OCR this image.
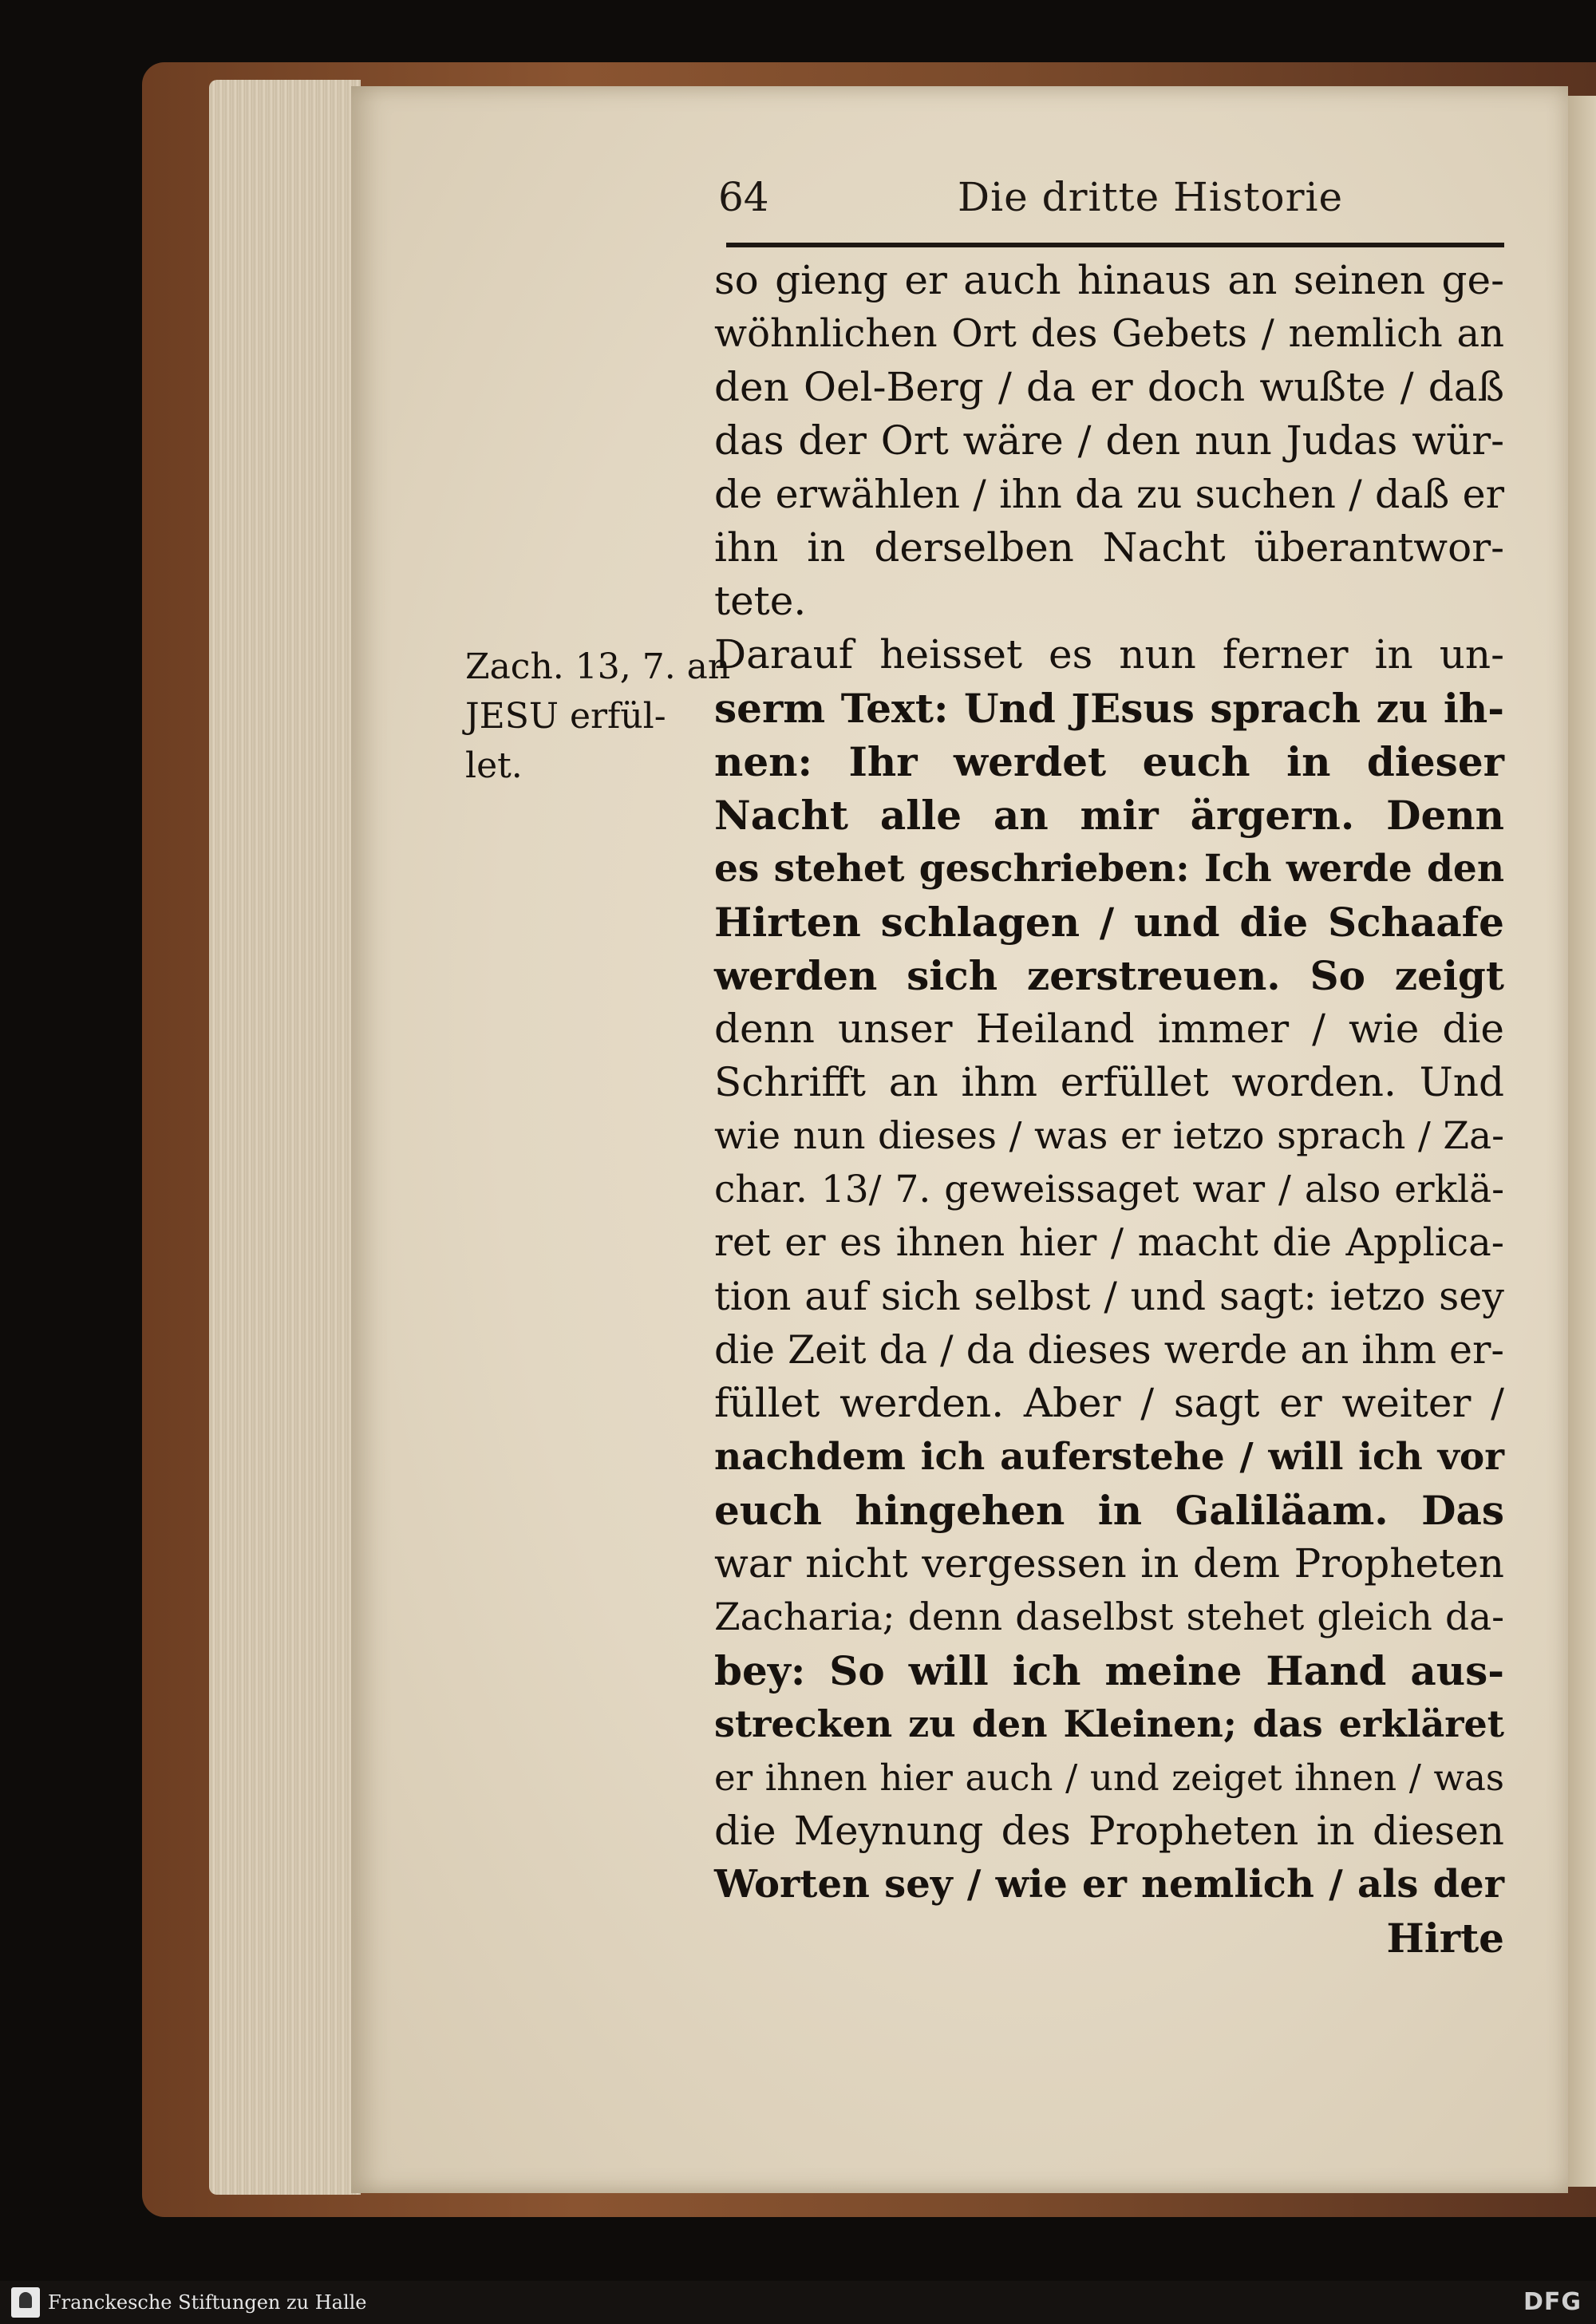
64	Die dritte Historie
Zach. 13, 7. an
JESU erfül-
let.
so gieng er auch hinaus an seinen ge-
wöhnlichen Ort des Gebets / nemlich an
den Oel-Berg / da er doch wußte / daß
das der Ort wäre / den nun Judas wür-
de erwählen / ihn da zu suchen / daß er
ihn in derselben Nacht überantwor-
tete.
Darauf heisset es nun ferner in un-
serm Text: Und JEsus sprach zu ih-
nen: Ihr werdet euch in dieser
Nacht alle an mir ärgern. Denn
es stehet geschrieben: Ich werde den
Hirten schlagen / und die Schaafe
werden sich zerstreuen. So zeigt
denn unser Heiland immer / wie die
Schrifft an ihm erfüllet worden. Und
wie nun dieses / was er ietzo sprach / Za-
char. 13/ 7. geweissaget war / also erklä-
ret er es ihnen hier / macht die Applica-
tion auf sich selbst / und sagt: ietzo sey
die Zeit da / da dieses werde an ihm er-
füllet werden. Aber / sagt er weiter /
nachdem ich auferstehe / will ich vor
euch hingehen in Galiläam. Das
war nicht vergessen in dem Propheten
Zacharia; denn daselbst stehet gleich da-
bey: So will ich meine Hand aus-
strecken zu den Kleinen; das erkläret
er ihnen hier auch / und zeiget ihnen / was
die Meynung des Propheten in diesen
Worten sey / wie er nemlich / als der
Hirte
Franckesche Stiftungen zu Halle	DFG
